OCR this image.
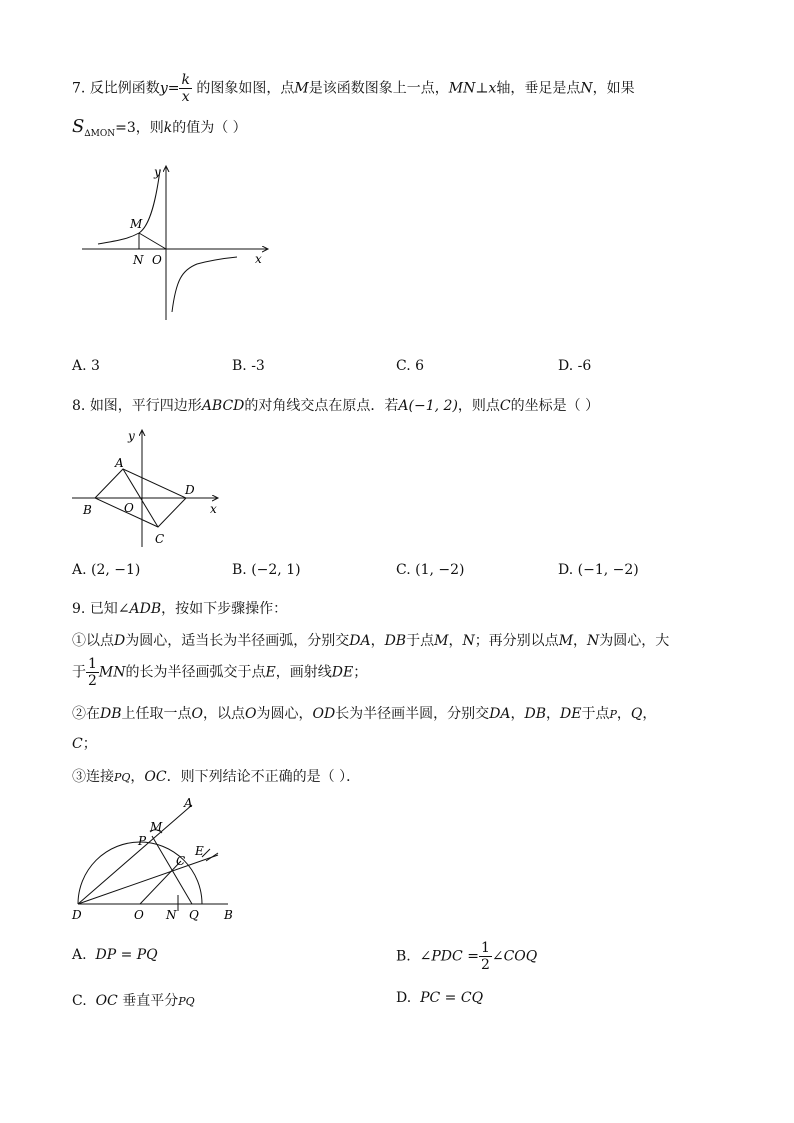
7. 反比例函数$y= \frac{k}{x}$ 的图象如图，点M是该函数图象上一点，MN⊥x轴，垂足是点N，如果
$S_{\Delta MON}=3$，则k的值为（ ）
y
x
M
N O
A. 3	B. -3	C. 6	D. -6
8. 如图，平行四边形ABCD的对角线交点在原点．若A(−1, 2)，则点C的坐标是（ ）
y
x
A
B
C
D
O
A. (2, −1)	B. (−2, 1)	C. (1, −2)	D. (−1, −2)
9. 已知∠ADB，按如下步骤操作：
①以点D为圆心，适当长为半径画弧，分别交DA，DB于点M，N；再分别以点M，N为圆心，大
于 $\frac{1}{2}$ MN的长为半径画弧交于点E，画射线DE；
②在DB上任取一点O，以点O为圆心，OD长为半径画半圆，分别交DA，DB，DE于点P，Q，
C；
③连接PQ，OC．则下列结论不正确的是（ ）．
A
M
P
C
E
D	O N Q B
A. DP = PQ	B. ∠PDC = $\frac{1}{2}$ ∠COQ
C. OC 垂直平分PQ	D. PC = CQ
